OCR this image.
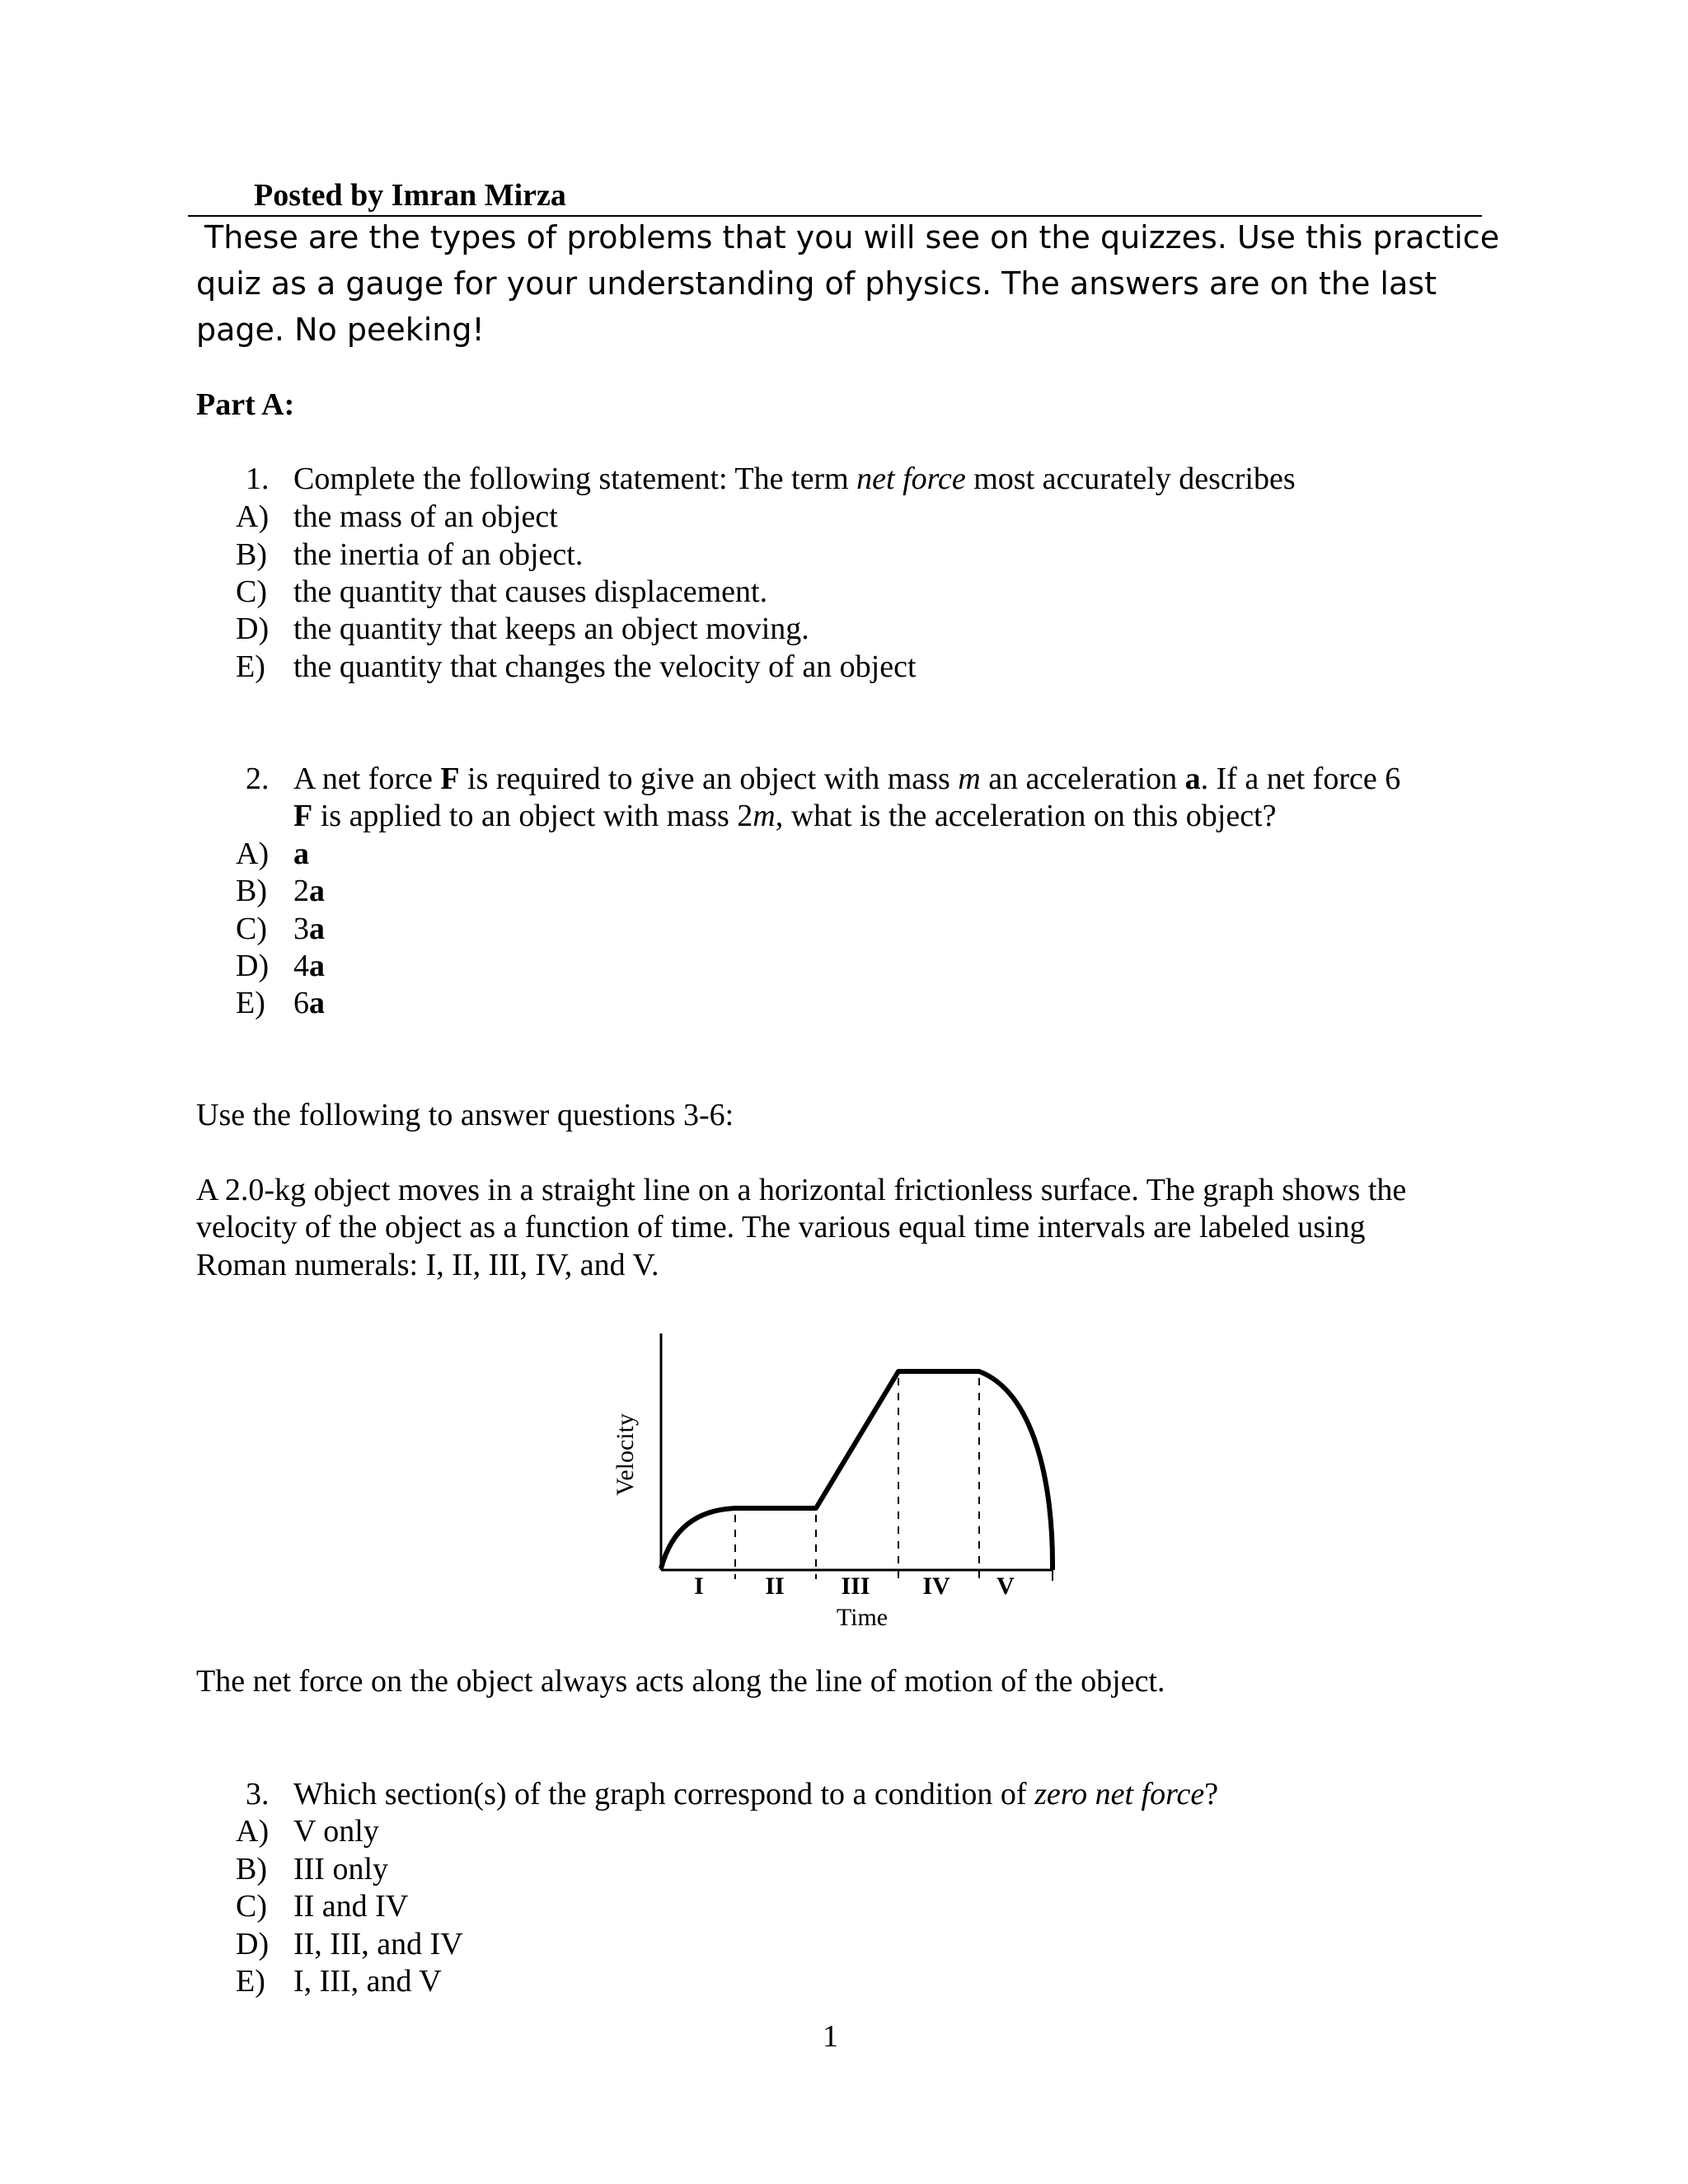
Posted by Imran Mirza
These are the types of problems that you will see on the quizzes. Use this practice
quiz as a gauge for your understanding of physics. The answers are on the last
page. No peeking!
Part A:
1. Complete the following statement: The term net force most accurately describes
A) the mass of an object
B) the inertia of an object.
C) the quantity that causes displacement.
D) the quantity that keeps an object moving.
E) the quantity that changes the velocity of an object
2. A net force F is required to give an object with mass m an acceleration a. If a net force 6
F is applied to an object with mass 2m, what is the acceleration on this object?
A) a
B) 2a
C) 3a
D) 4a
E) 6a
Use the following to answer questions 3-6:
A 2.0-kg object moves in a straight line on a horizontal frictionless surface. The graph shows the
velocity of the object as a function of time. The various equal time intervals are labeled using
Roman numerals: I, II, III, IV, and V.
Velocity
I II III IV V
Time
The net force on the object always acts along the line of motion of the object.
3. Which section(s) of the graph correspond to a condition of zero net force?
A) V only
B) III only
C) II and IV
D) II, III, and IV
E) I, III, and V
1
